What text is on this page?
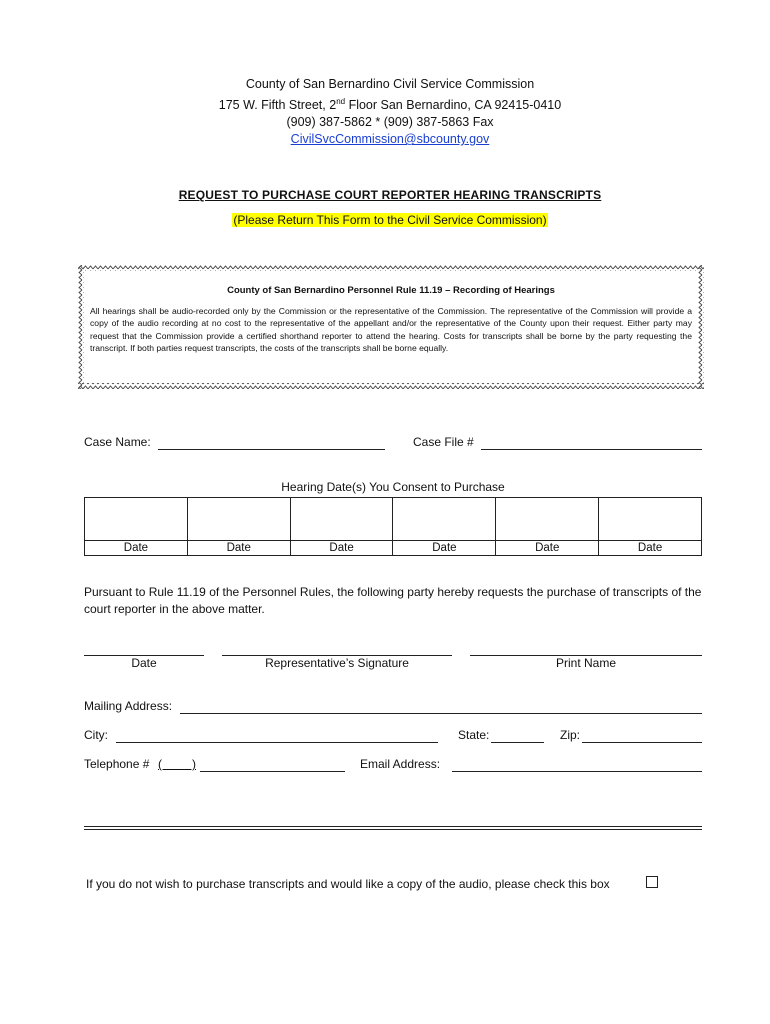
County of San Bernardino Civil Service Commission
175 W. Fifth Street, 2nd Floor San Bernardino, CA 92415-0410
(909) 387-5862 * (909) 387-5863 Fax
CivilSvcCommission@sbcounty.gov
REQUEST TO PURCHASE COURT REPORTER HEARING TRANSCRIPTS
(Please Return This Form to the Civil Service Commission)
County of San Bernardino Personnel Rule 11.19 – Recording of Hearings
All hearings shall be audio-recorded only by the Commission or the representative of the Commission. The representative of the Commission will provide a copy of the audio recording at no cost to the representative of the appellant and/or the representative of the County upon their request. Either party may request that the Commission provide a certified shorthand reporter to attend the hearing. Costs for transcripts shall be borne by the party requesting the transcript. If both parties request transcripts, the costs of the transcripts shall be borne equally.
Case Name:	Case File #
Hearing Date(s) You Consent to Purchase

Date	Date	Date	Date	Date	Date
Pursuant to Rule 11.19 of the Personnel Rules, the following party hereby requests the purchase of transcripts of the court reporter in the above matter.
Date	Representative’s Signature	Print Name
Mailing Address:
City:	State:	Zip:
Telephone # (         )	Email Address:
If you do not wish to purchase transcripts and would like a copy of the audio, please check this box
